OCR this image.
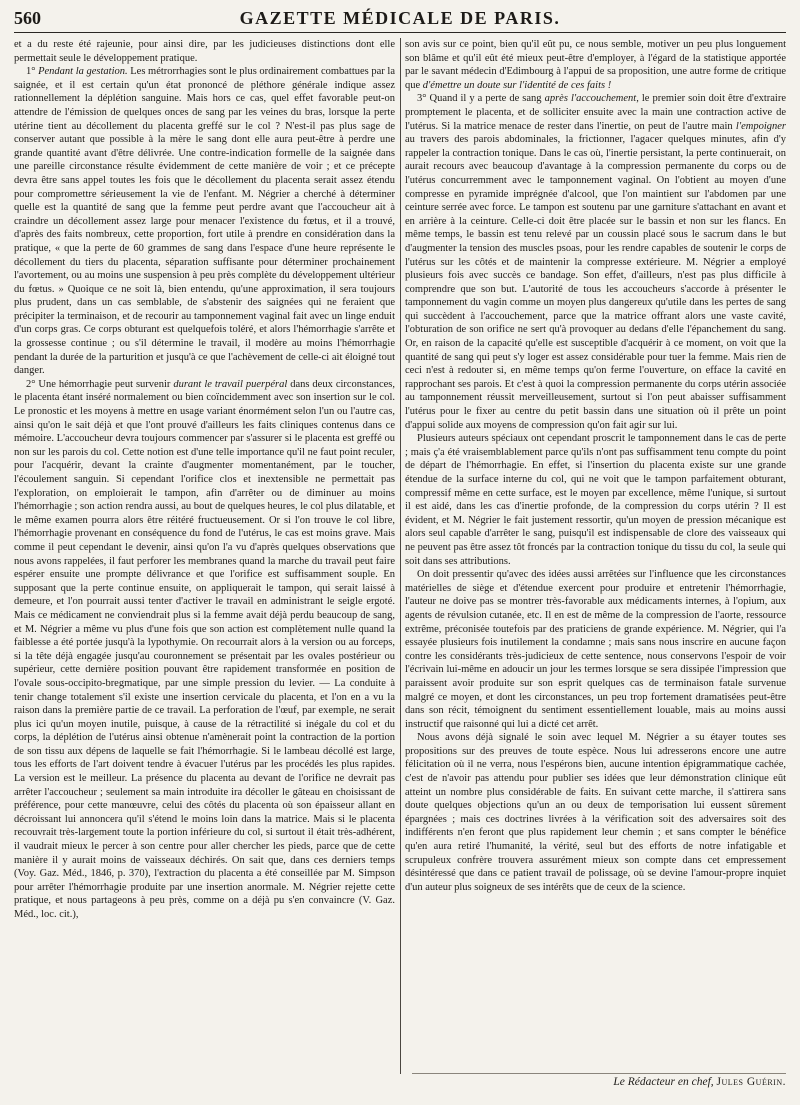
560	GAZETTE MÉDICALE DE PARIS.

et a du reste été rajeunie, pour ainsi dire, par les judicieuses distinctions dont elle permettait seule le développement pratique.

1° Pendant la gestation. Les métrorrhagies sont le plus ordinairement combattues par la saignée, et il est certain qu'un état prononcé de pléthore générale indique assez rationnellement la déplétion sanguine. Mais hors ce cas, quel effet favorable peut-on attendre de l'émission de quelques onces de sang par les veines du bras, lorsque la perte utérine tient au décollement du placenta greffé sur le col ? N'est-il pas plus sage de conserver autant que possible à la mère le sang dont elle aura peut-être à perdre une grande quantité avant d'être délivrée. Une contre-indication formelle de la saignée dans une pareille circonstance résulte évidemment de cette manière de voir ; et ce précepte devra être sans appel toutes les fois que le décollement du placenta serait assez étendu pour compromettre sérieusement la vie de l'enfant. M. Négrier a cherché à déterminer quelle est la quantité de sang que la femme peut perdre avant que l'accoucheur ait à craindre un décollement assez large pour menacer l'existence du fœtus, et il a trouvé, d'après des faits nombreux, cette proportion, fort utile à prendre en considération dans la pratique, « que la perte de 60 grammes de sang dans l'espace d'une heure représente le décollement du tiers du placenta, séparation suffisante pour déterminer prochainement l'avortement, ou au moins une suspension à peu près complète du développement ultérieur du fœtus. » Quoique ce ne soit là, bien entendu, qu'une approximation, il sera toujours plus prudent, dans un cas semblable, de s'abstenir des saignées qui ne feraient que précipiter la terminaison, et de recourir au tamponnement vaginal fait avec un linge enduit d'un corps gras. Ce corps obturant est quelquefois toléré, et alors l'hémorrhagie s'arrête et la grossesse continue ; ou s'il détermine le travail, il modère au moins l'hémorrhagie pendant la durée de la parturition et jusqu'à ce que l'achèvement de celle-ci ait éloigné tout danger.

2° Une hémorrhagie peut survenir durant le travail puerpéral dans deux circonstances, le placenta étant inséré normalement ou bien coïncidemment avec son insertion sur le col. Le pronostic et les moyens à mettre en usage variant énormément selon l'un ou l'autre cas, ainsi qu'on le sait déjà et que l'ont prouvé d'ailleurs les faits cliniques contenus dans ce mémoire. L'accoucheur devra toujours commencer par s'assurer si le placenta est greffé ou non sur les parois du col. Cette notion est d'une telle importance qu'il ne faut point reculer, pour l'acquérir, devant la crainte d'augmenter momentanément, par le toucher, l'écoulement sanguin. Si cependant l'orifice clos et inextensible ne permettait pas l'exploration, on emploierait le tampon, afin d'arrêter ou de diminuer au moins l'hémorrhagie ; son action rendra aussi, au bout de quelques heures, le col plus dilatable, et le même examen pourra alors être réitéré fructueusement. Or si l'on trouve le col libre, l'hémorrhagie provenant en conséquence du fond de l'utérus, le cas est moins grave. Mais comme il peut cependant le devenir, ainsi qu'on l'a vu d'après quelques observations que nous avons rappelées, il faut perforer les membranes quand la marche du travail peut faire espérer ensuite une prompte délivrance et que l'orifice est suffisamment souple. En supposant que la perte continue ensuite, on appliquerait le tampon, qui serait laissé à demeure, et l'on pourrait aussi tenter d'activer le travail en administrant le seigle ergoté. Mais ce médicament ne conviendrait plus si la femme avait déjà perdu beaucoup de sang, et M. Négrier a même vu plus d'une fois que son action est complètement nulle quand la faiblesse a été portée jusqu'à la lypothymie. On recourrait alors à la version ou au forceps, si la tête déjà engagée jusqu'au couronnement se présentait par les ovales postérieur ou supérieur, cette dernière position pouvant être rapidement transformée en position de l'ovale sous-occipito-bregmatique, par une simple pression du levier. — La conduite à tenir change totalement s'il existe une insertion cervicale du placenta, et l'on en a vu la raison dans la première partie de ce travail. La perforation de l'œuf, par exemple, ne serait plus ici qu'un moyen inutile, puisque, à cause de la rétractilité si inégale du col et du corps, la déplétion de l'utérus ainsi obtenue n'amènerait point la contraction de la portion de son tissu aux dépens de laquelle se fait l'hémorrhagie. Si le lambeau décollé est large, tous les efforts de l'art doivent tendre à évacuer l'utérus par les procédés les plus rapides. La version est le meilleur. La présence du placenta au devant de l'orifice ne devrait pas arrêter l'accoucheur ; seulement sa main introduite ira décoller le gâteau en choisissant de préférence, pour cette manœuvre, celui des côtés du placenta où son épaisseur allant en décroissant lui annoncera qu'il s'étend le moins loin dans la matrice. Mais si le placenta recouvrait très-largement toute la portion inférieure du col, si surtout il était très-adhérent, il vaudrait mieux le percer à son centre pour aller chercher les pieds, parce que de cette manière il y aurait moins de vaisseaux déchirés. On sait que, dans ces derniers temps (Voy. Gaz. Méd., 1846, p. 370), l'extraction du placenta a été conseillée par M. Simpson pour arrêter l'hémorrhagie produite par une insertion anormale. M. Négrier rejette cette pratique, et nous partageons à peu près, comme on a déjà pu s'en convaincre (V. Gaz. Méd., loc. cit.),

son avis sur ce point, bien qu'il eût pu, ce nous semble, motiver un peu plus longuement son blâme et qu'il eût été mieux peut-être d'employer, à l'égard de la statistique apportée par le savant médecin d'Edimbourg à l'appui de sa proposition, une autre forme de critique que d'émettre un doute sur l'identité de ces faits !

3° Quand il y a perte de sang après l'accouchement, le premier soin doit être d'extraire promptement le placenta, et de solliciter ensuite avec la main une contraction active de l'utérus. Si la matrice menace de rester dans l'inertie, on peut de l'autre main l'empoigner au travers des parois abdominales, la frictionner, l'agacer quelques minutes, afin d'y rappeler la contraction tonique. Dans le cas où, l'inertie persistant, la perte continuerait, on aurait recours avec beaucoup d'avantage à la compression permanente du corps ou de l'utérus concurremment avec le tamponnement vaginal. On l'obtient au moyen d'une compresse en pyramide imprégnée d'alcool, que l'on maintient sur l'abdomen par une ceinture serrée avec force. Le tampon est soutenu par une garniture s'attachant en avant et en arrière à la ceinture. Celle-ci doit être placée sur le bassin et non sur les flancs. En même temps, le bassin est tenu relevé par un coussin placé sous le sacrum dans le but d'augmenter la tension des muscles psoas, pour les rendre capables de soutenir le corps de l'utérus sur les côtés et de maintenir la compresse extérieure. M. Négrier a employé plusieurs fois avec succès ce bandage. Son effet, d'ailleurs, n'est pas plus difficile à comprendre que son but. L'autorité de tous les accoucheurs s'accorde à présenter le tamponnement du vagin comme un moyen plus dangereux qu'utile dans les pertes de sang qui succèdent à l'accouchement, parce que la matrice offrant alors une vaste cavité, l'obturation de son orifice ne sert qu'à provoquer au dedans d'elle l'épanchement du sang. Or, en raison de la capacité qu'elle est susceptible d'acquérir à ce moment, on voit que la quantité de sang qui peut s'y loger est assez considérable pour tuer la femme. Mais rien de ceci n'est à redouter si, en même temps qu'on ferme l'ouverture, on efface la cavité en rapprochant ses parois. Et c'est à quoi la compression permanente du corps utérin associée au tamponnement réussit merveilleusement, surtout si l'on peut abaisser suffisamment l'utérus pour le fixer au centre du petit bassin dans une situation où il prête un point d'appui solide aux moyens de compression qu'on fait agir sur lui.

Plusieurs auteurs spéciaux ont cependant proscrit le tamponnement dans le cas de perte ; mais ç'a été vraisemblablement parce qu'ils n'ont pas suffisamment tenu compte du point de départ de l'hémorrhagie. En effet, si l'insertion du placenta existe sur une grande étendue de la surface interne du col, qui ne voit que le tampon parfaitement obturant, compressif même en cette surface, est le moyen par excellence, même l'unique, si surtout il est aidé, dans les cas d'inertie profonde, de la compression du corps utérin ? Il est évident, et M. Négrier le fait justement ressortir, qu'un moyen de pression mécanique est alors seul capable d'arrêter le sang, puisqu'il est indispensable de clore des vaisseaux qui ne peuvent pas être assez tôt froncés par la contraction tonique du tissu du col, la seule qui soit dans ses attributions.

On doit pressentir qu'avec des idées aussi arrêtées sur l'influence que les circonstances matérielles de siège et d'étendue exercent pour produire et entretenir l'hémorrhagie, l'auteur ne doive pas se montrer très-favorable aux médicaments internes, à l'opium, aux agents de révulsion cutanée, etc. Il en est de même de la compression de l'aorte, ressource extrême, préconisée toutefois par des praticiens de grande expérience. M. Négrier, qui l'a essayée plusieurs fois inutilement la condamne ; mais sans nous inscrire en aucune façon contre les considérants très-judicieux de cette sentence, nous conservons l'espoir de voir l'écrivain lui-même en adoucir un jour les termes lorsque se sera dissipée l'impression que paraissent avoir produite sur son esprit quelques cas de terminaison fatale survenue malgré ce moyen, et dont les circonstances, un peu trop fortement dramatisées peut-être dans son récit, témoignent du sentiment essentiellement louable, mais au moins aussi instructif que raisonné qui lui a dicté cet arrêt.

Nous avons déjà signalé le soin avec lequel M. Négrier a su étayer toutes ses propositions sur des preuves de toute espèce. Nous lui adresserons encore une autre félicitation où il ne verra, nous l'espérons bien, aucune intention épigrammatique cachée, c'est de n'avoir pas attendu pour publier ses idées que leur démonstration clinique eût atteint un nombre plus considérable de faits. En suivant cette marche, il s'attirera sans doute quelques objections qu'un an ou deux de temporisation lui eussent sûrement épargnées ; mais ces doctrines livrées à la vérification soit des adversaires soit des indifférents n'en feront que plus rapidement leur chemin ; et sans compter le bénéfice qu'en aura retiré l'humanité, la vérité, seul but des efforts de notre infatigable et scrupuleux confrère trouvera assurément mieux son compte dans cet empressement désintéressé que dans ce patient travail de polissage, où se devine l'amour-propre inquiet d'un auteur plus soigneux de ses intérêts que de ceux de la science.

Le Rédacteur en chef, Jules Guérin.
